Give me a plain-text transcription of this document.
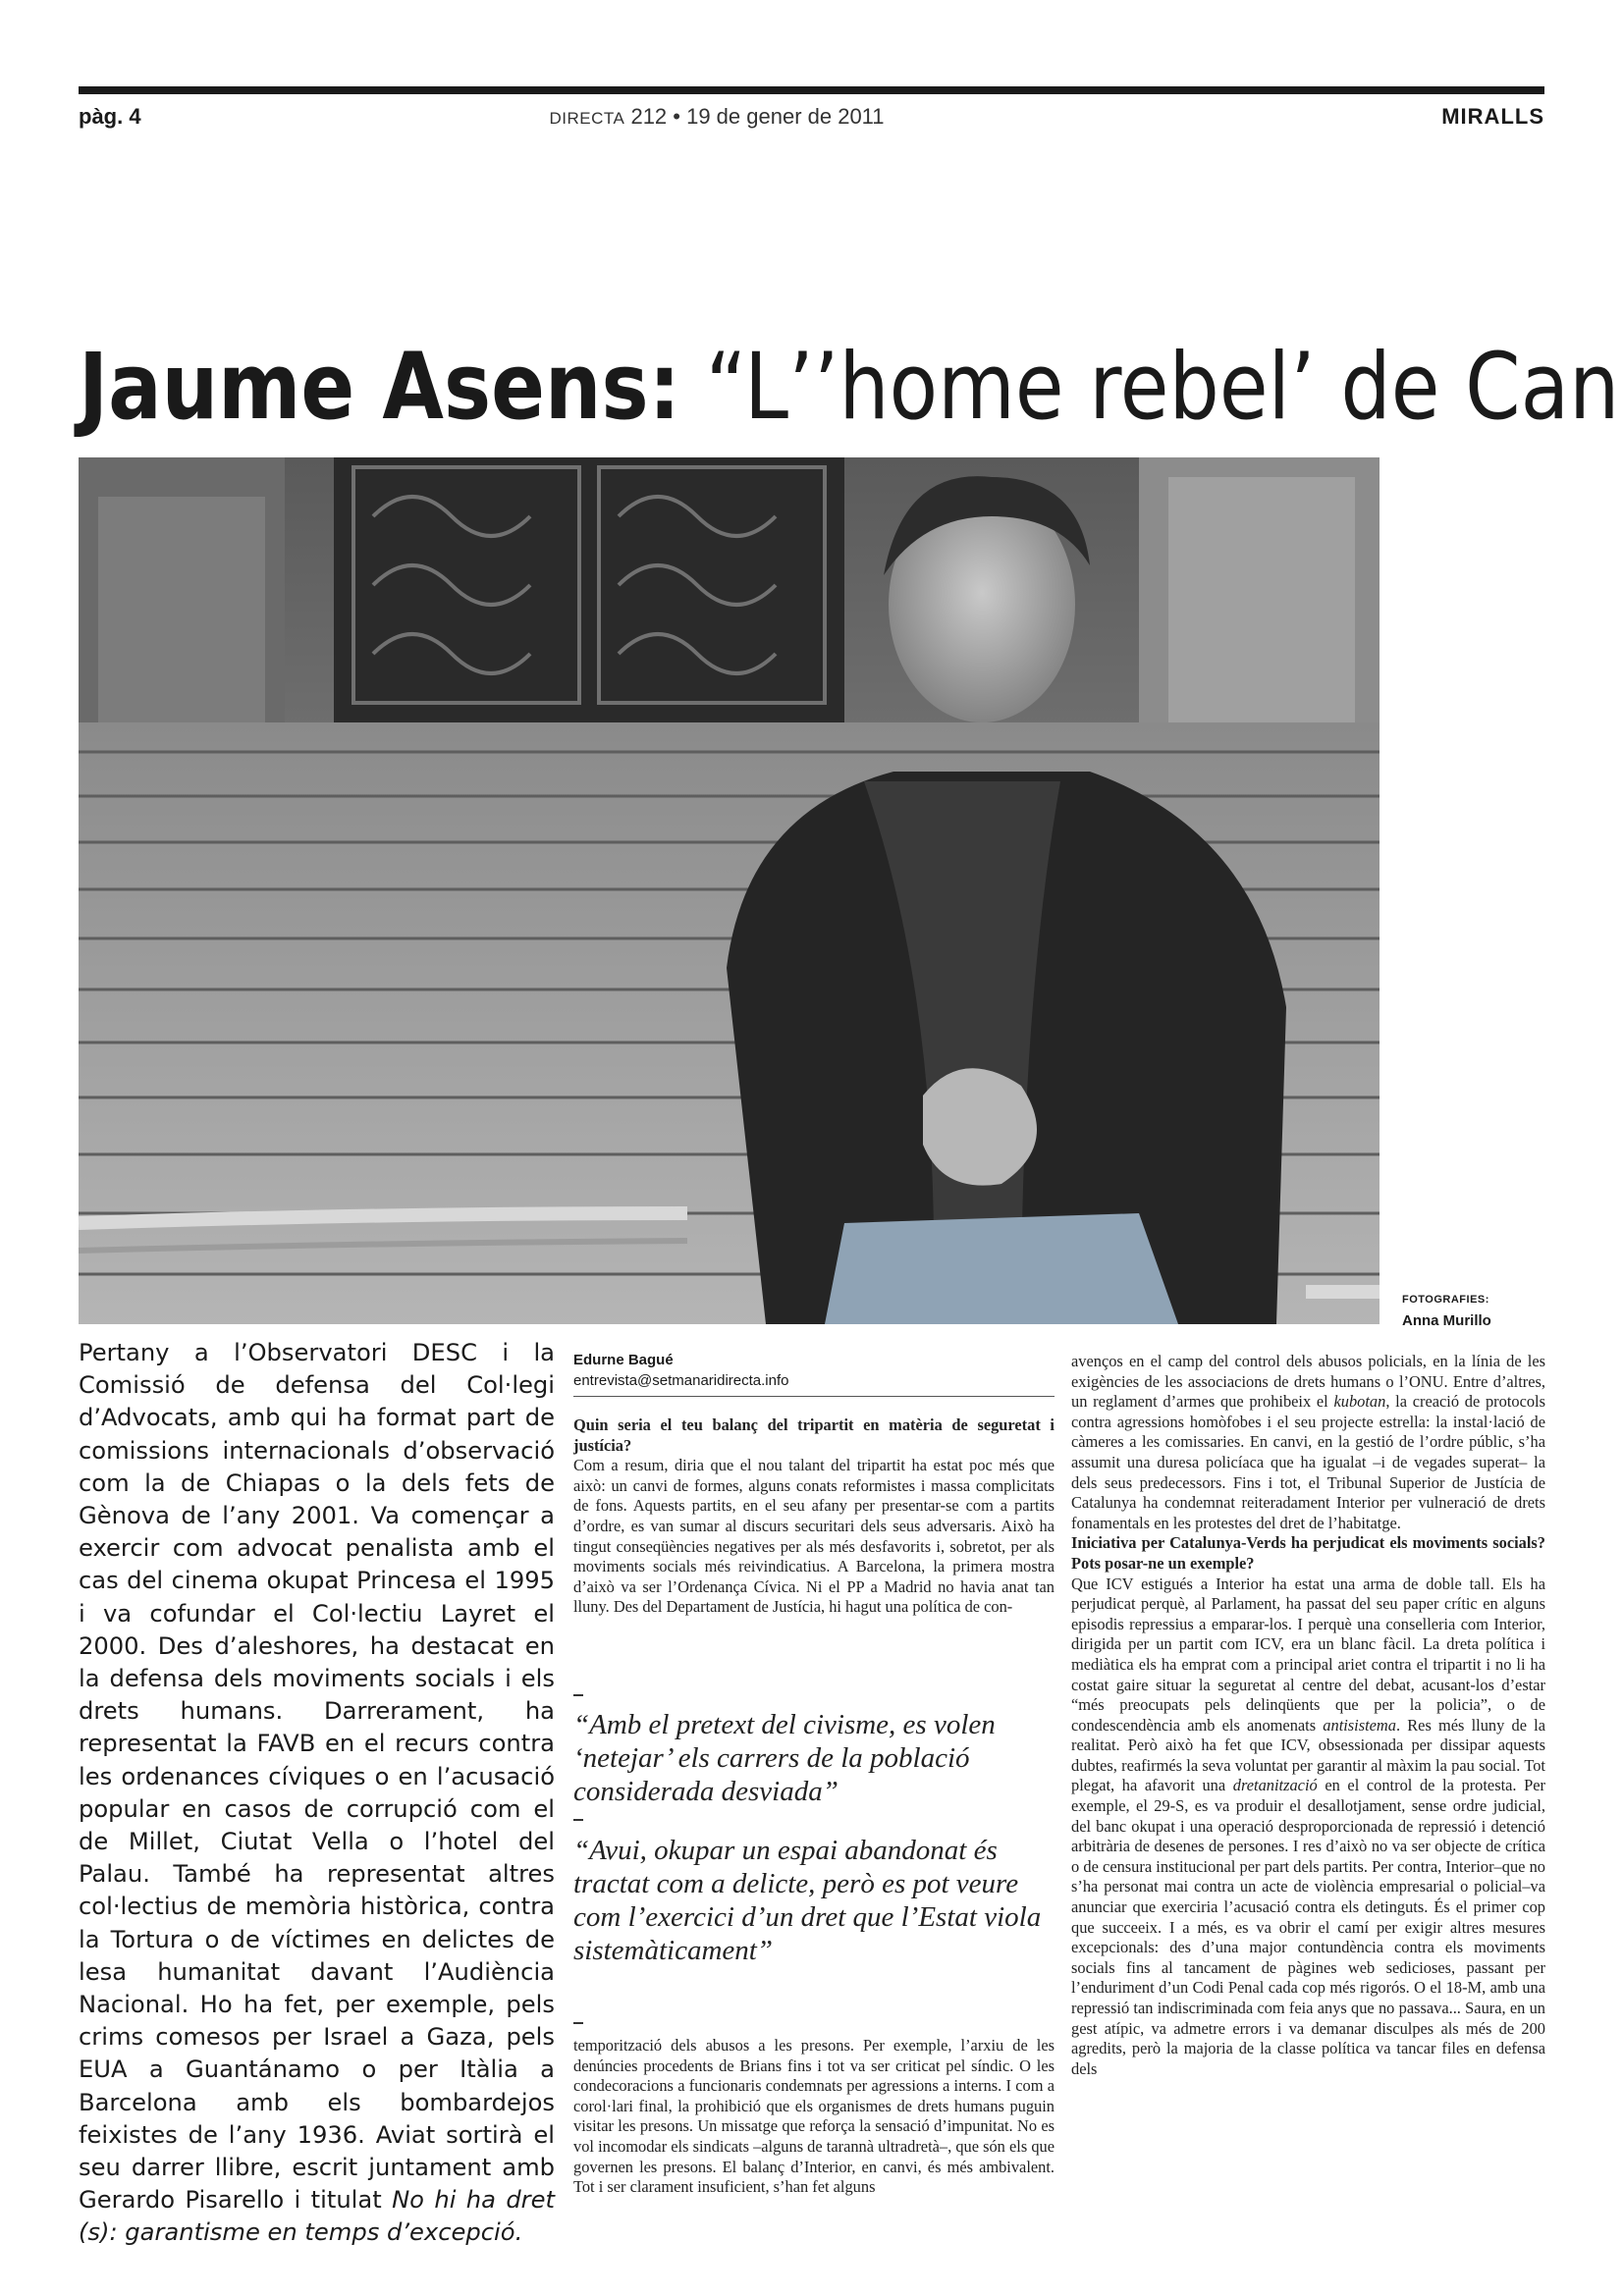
pàg. 4	DIRECTA 212 • 19 de gener de 2011	MIRALLS
Jaume Asens: “L’’home rebel’ de Can
FOTOGRAFIES:
Anna Murillo

Pertany a l’Observatori DESC i la Comissió de defensa del Col·legi d’Advocats, amb qui ha format part de comissions internacionals d’observació com la de Chiapas o la dels fets de Gènova de l’any 2001. Va començar a exercir com advocat penalista amb el cas del cinema okupat Princesa el 1995 i va cofundar el Col·lectiu Layret el 2000. Des d’aleshores, ha destacat en la defensa dels moviments socials i els drets humans. Darrerament, ha representat la FAVB en el recurs contra les ordenances cíviques o en l’acusació popular en casos de corrupció com el de Millet, Ciutat Vella o l’hotel del Palau. També ha representat altres col·lectius de memòria històrica, contra la Tortura o de víctimes en delictes de lesa humanitat davant l’Audiència Nacional. Ho ha fet, per exemple, pels crims comesos per Israel a Gaza, pels EUA a Guantánamo o per Itàlia a Barcelona amb els bombardejos feixistes de l’any 1936. Aviat sortirà el seu darrer llibre, escrit juntament amb Gerardo Pisarello i titulat No hi ha dret (s): garantisme en temps d’excepció.

Edurne Bagué
entrevista@setmanaridirecta.info

Quin seria el teu balanç del tripartit en matèria de seguretat i justícia?

Com a resum, diria que el nou talant del tripartit ha estat poc més que això: un canvi de formes, alguns conats reformistes i massa complicitats de fons. Aquests partits, en el seu afany per presentar-se com a partits d’ordre, es van sumar al discurs securitari dels seus adversaris. Això ha tingut conseqüències negatives per als més desfavorits i, sobretot, per als moviments socials més reivindicatius. A Barcelona, la primera mostra d’això va ser l’Ordenança Cívica. Ni el PP a Madrid no havia anat tan lluny. Des del Departament de Justícia, hi hagut una política de con-

“Amb el pretext del civisme, es volen ‘netejar’ els carrers de la població considerada desviada”
“Avui, okupar un espai abandonat és tractat com a delicte, però es pot veure com l’exercici d’un dret que l’Estat viola sistemàticament”

temporització dels abusos a les presons. Per exemple, l’arxiu de les denúncies procedents de Brians fins i tot va ser criticat pel síndic. O les condecoracions a funcionaris condemnats per agressions a interns. I com a corol·lari final, la prohibició que els organismes de drets humans puguin visitar les presons. Un missatge que reforça la sensació d’impunitat. No es vol incomodar els sindicats –alguns de tarannà ultradretà–, que són els que governen les presons. El balanç d’Interior, en canvi, és més ambivalent. Tot i ser clarament insuficient, s’han fet alguns

avenços en el camp del control dels abusos policials, en la línia de les exigències de les associacions de drets humans o l’ONU. Entre d’altres, un reglament d’armes que prohibeix el kubotan, la creació de protocols contra agressions homòfobes i el seu projecte estrella: la instal·lació de càmeres a les comissaries. En canvi, en la gestió de l’ordre públic, s’ha assumit una duresa policíaca que ha igualat –i de vegades superat– la dels seus predecessors. Fins i tot, el Tribunal Superior de Justícia de Catalunya ha condemnat reiteradament Interior per vulneració de drets fonamentals en les protestes del dret de l’habitatge.

Iniciativa per Catalunya-Verds ha perjudicat els moviments socials? Pots posar-ne un exemple?

Que ICV estigués a Interior ha estat una arma de doble tall. Els ha perjudicat perquè, al Parlament, ha passat del seu paper crític en alguns episodis repressius a emparar-los. I perquè una conselleria com Interior, dirigida per un partit com ICV, era un blanc fàcil. La dreta política i mediàtica els ha emprat com a principal ariet contra el tripartit i no li ha costat gaire situar la seguretat al centre del debat, acusant-los d’estar “més preocupats pels delinqüents que per la policia”, o de condescendència amb els anomenats antisistema. Res més lluny de la realitat. Però això ha fet que ICV, obsessionada per dissipar aquests dubtes, reafirmés la seva voluntat per garantir al màxim la pau social. Tot plegat, ha afavorit una dretanització en el control de la protesta. Per exemple, el 29-S, es va produir el desallotjament, sense ordre judicial, del banc okupat i una operació desproporcionada de repressió i detenció arbitrària de desenes de persones. I res d’això no va ser objecte de crítica o de censura institucional per part dels partits. Per contra, Interior–que no s’ha personat mai contra un acte de violència empresarial o policial–va anunciar que exerciria l’acusació contra els detinguts. És el primer cop que succeeix. I a més, es va obrir el camí per exigir altres mesures excepcionals: des d’una major contundència contra els moviments socials fins al tancament de pàgines web sedicioses, passant per l’enduriment d’un Codi Penal cada cop més rigorós. O el 18-M, amb una repressió tan indiscriminada com feia anys que no passava... Saura, en un gest atípic, va admetre errors i va demanar disculpes als més de 200 agredits, però la majoria de la classe política va tancar files en defensa dels
